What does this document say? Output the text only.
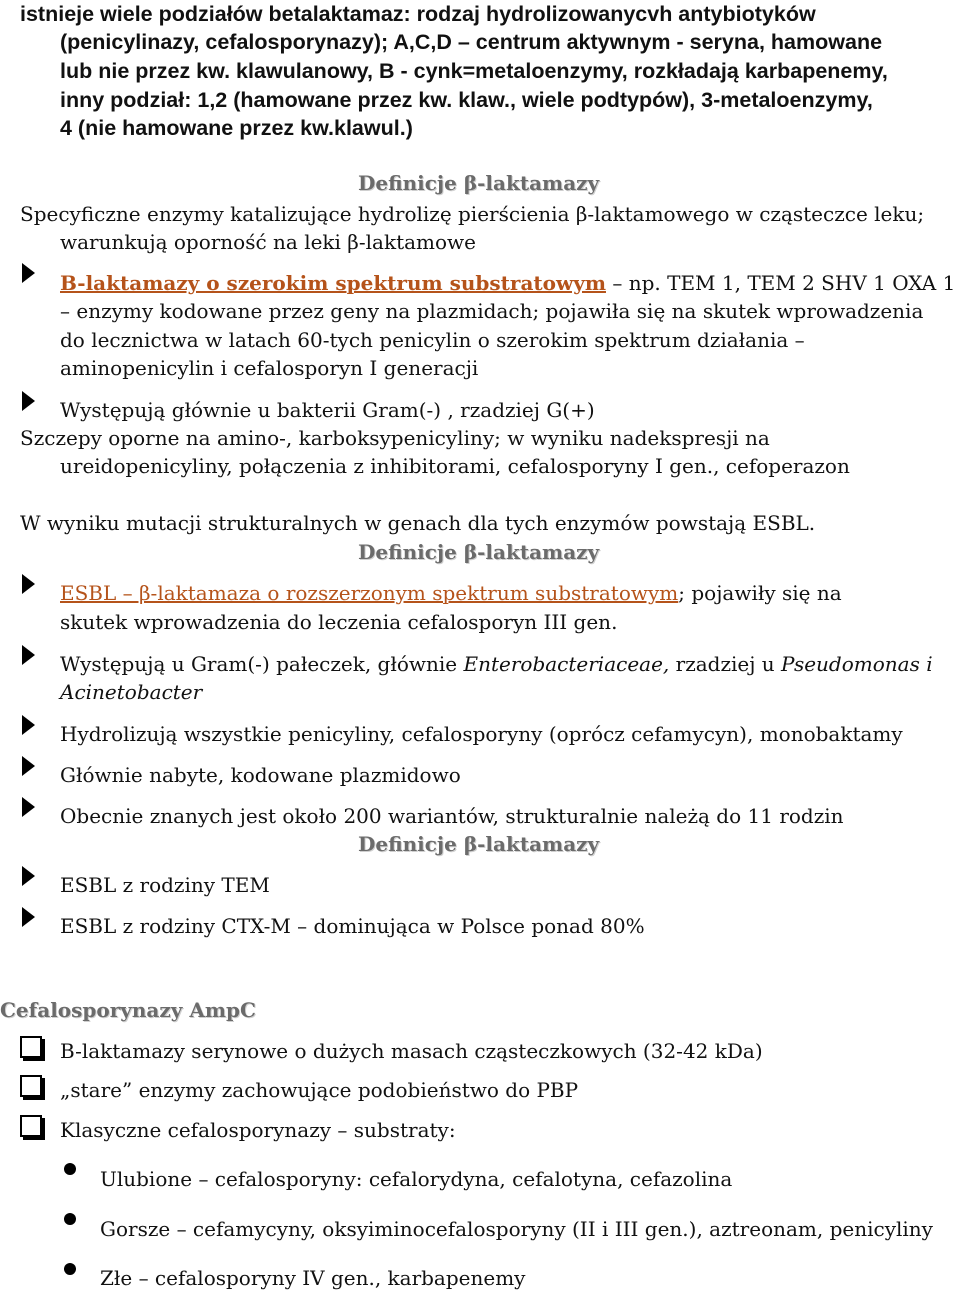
istnieje wiele podziałów betalaktamaz: rodzaj hydrolizowanycvh antybiotyków
(penicylinazy, cefalosporynazy); A,C,D – centrum aktywnym - seryna, hamowane
lub nie przez kw. klawulanowy, B - cynk=metaloenzymy, rozkładają karbapenemy,
inny podział: 1,2 (hamowane przez kw. klaw., wiele podtypów), 3-metaloenzymy,
4 (nie hamowane przez kw.klawul.)
Definicje β-laktamazy
Specyficzne enzymy katalizujące hydrolizę pierścienia β-laktamowego w cząsteczce leku;
warunkują oporność na leki β-laktamowe
B-laktamazy o szerokim spektrum substratowym – np. TEM 1, TEM 2 SHV 1 OXA 1
– enzymy kodowane przez geny na plazmidach; pojawiła się na skutek wprowadzenia
do lecznictwa w latach 60-tych penicylin o szerokim spektrum działania –
aminopenicylin i cefalosporyn I generacji
Występują głównie u bakterii Gram(-) , rzadziej G(+)
Szczepy oporne na amino-, karboksypenicyliny; w wyniku nadekspresji na
ureidopenicyliny, połączenia z inhibitorami, cefalosporyny I gen., cefoperazon
W wyniku mutacji strukturalnych w genach dla tych enzymów powstają ESBL.
Definicje β-laktamazy
ESBL – β-laktamaza o rozszerzonym spektrum substratowym; pojawiły się na
skutek wprowadzenia do leczenia cefalosporyn III gen.
Występują u Gram(-) pałeczek, głównie Enterobacteriaceae, rzadziej u Pseudomonas i
Acinetobacter
Hydrolizują wszystkie penicyliny, cefalosporyny (oprócz cefamycyn), monobaktamy
Głównie nabyte, kodowane plazmidowo
Obecnie znanych jest około 200 wariantów, strukturalnie należą do 11 rodzin
Definicje β-laktamazy
ESBL z rodziny TEM
ESBL z rodziny CTX-M – dominująca w Polsce ponad 80%
Cefalosporynazy AmpC
B-laktamazy serynowe o dużych masach cząsteczkowych (32-42 kDa)
„stare” enzymy zachowujące podobieństwo do PBP
Klasyczne cefalosporynazy – substraty:
Ulubione – cefalosporyny: cefalorydyna, cefalotyna, cefazolina
Gorsze – cefamycyny, oksyiminocefalosporyny (II i III gen.), aztreonam, penicyliny
Złe – cefalosporyny IV gen., karbapenemy
